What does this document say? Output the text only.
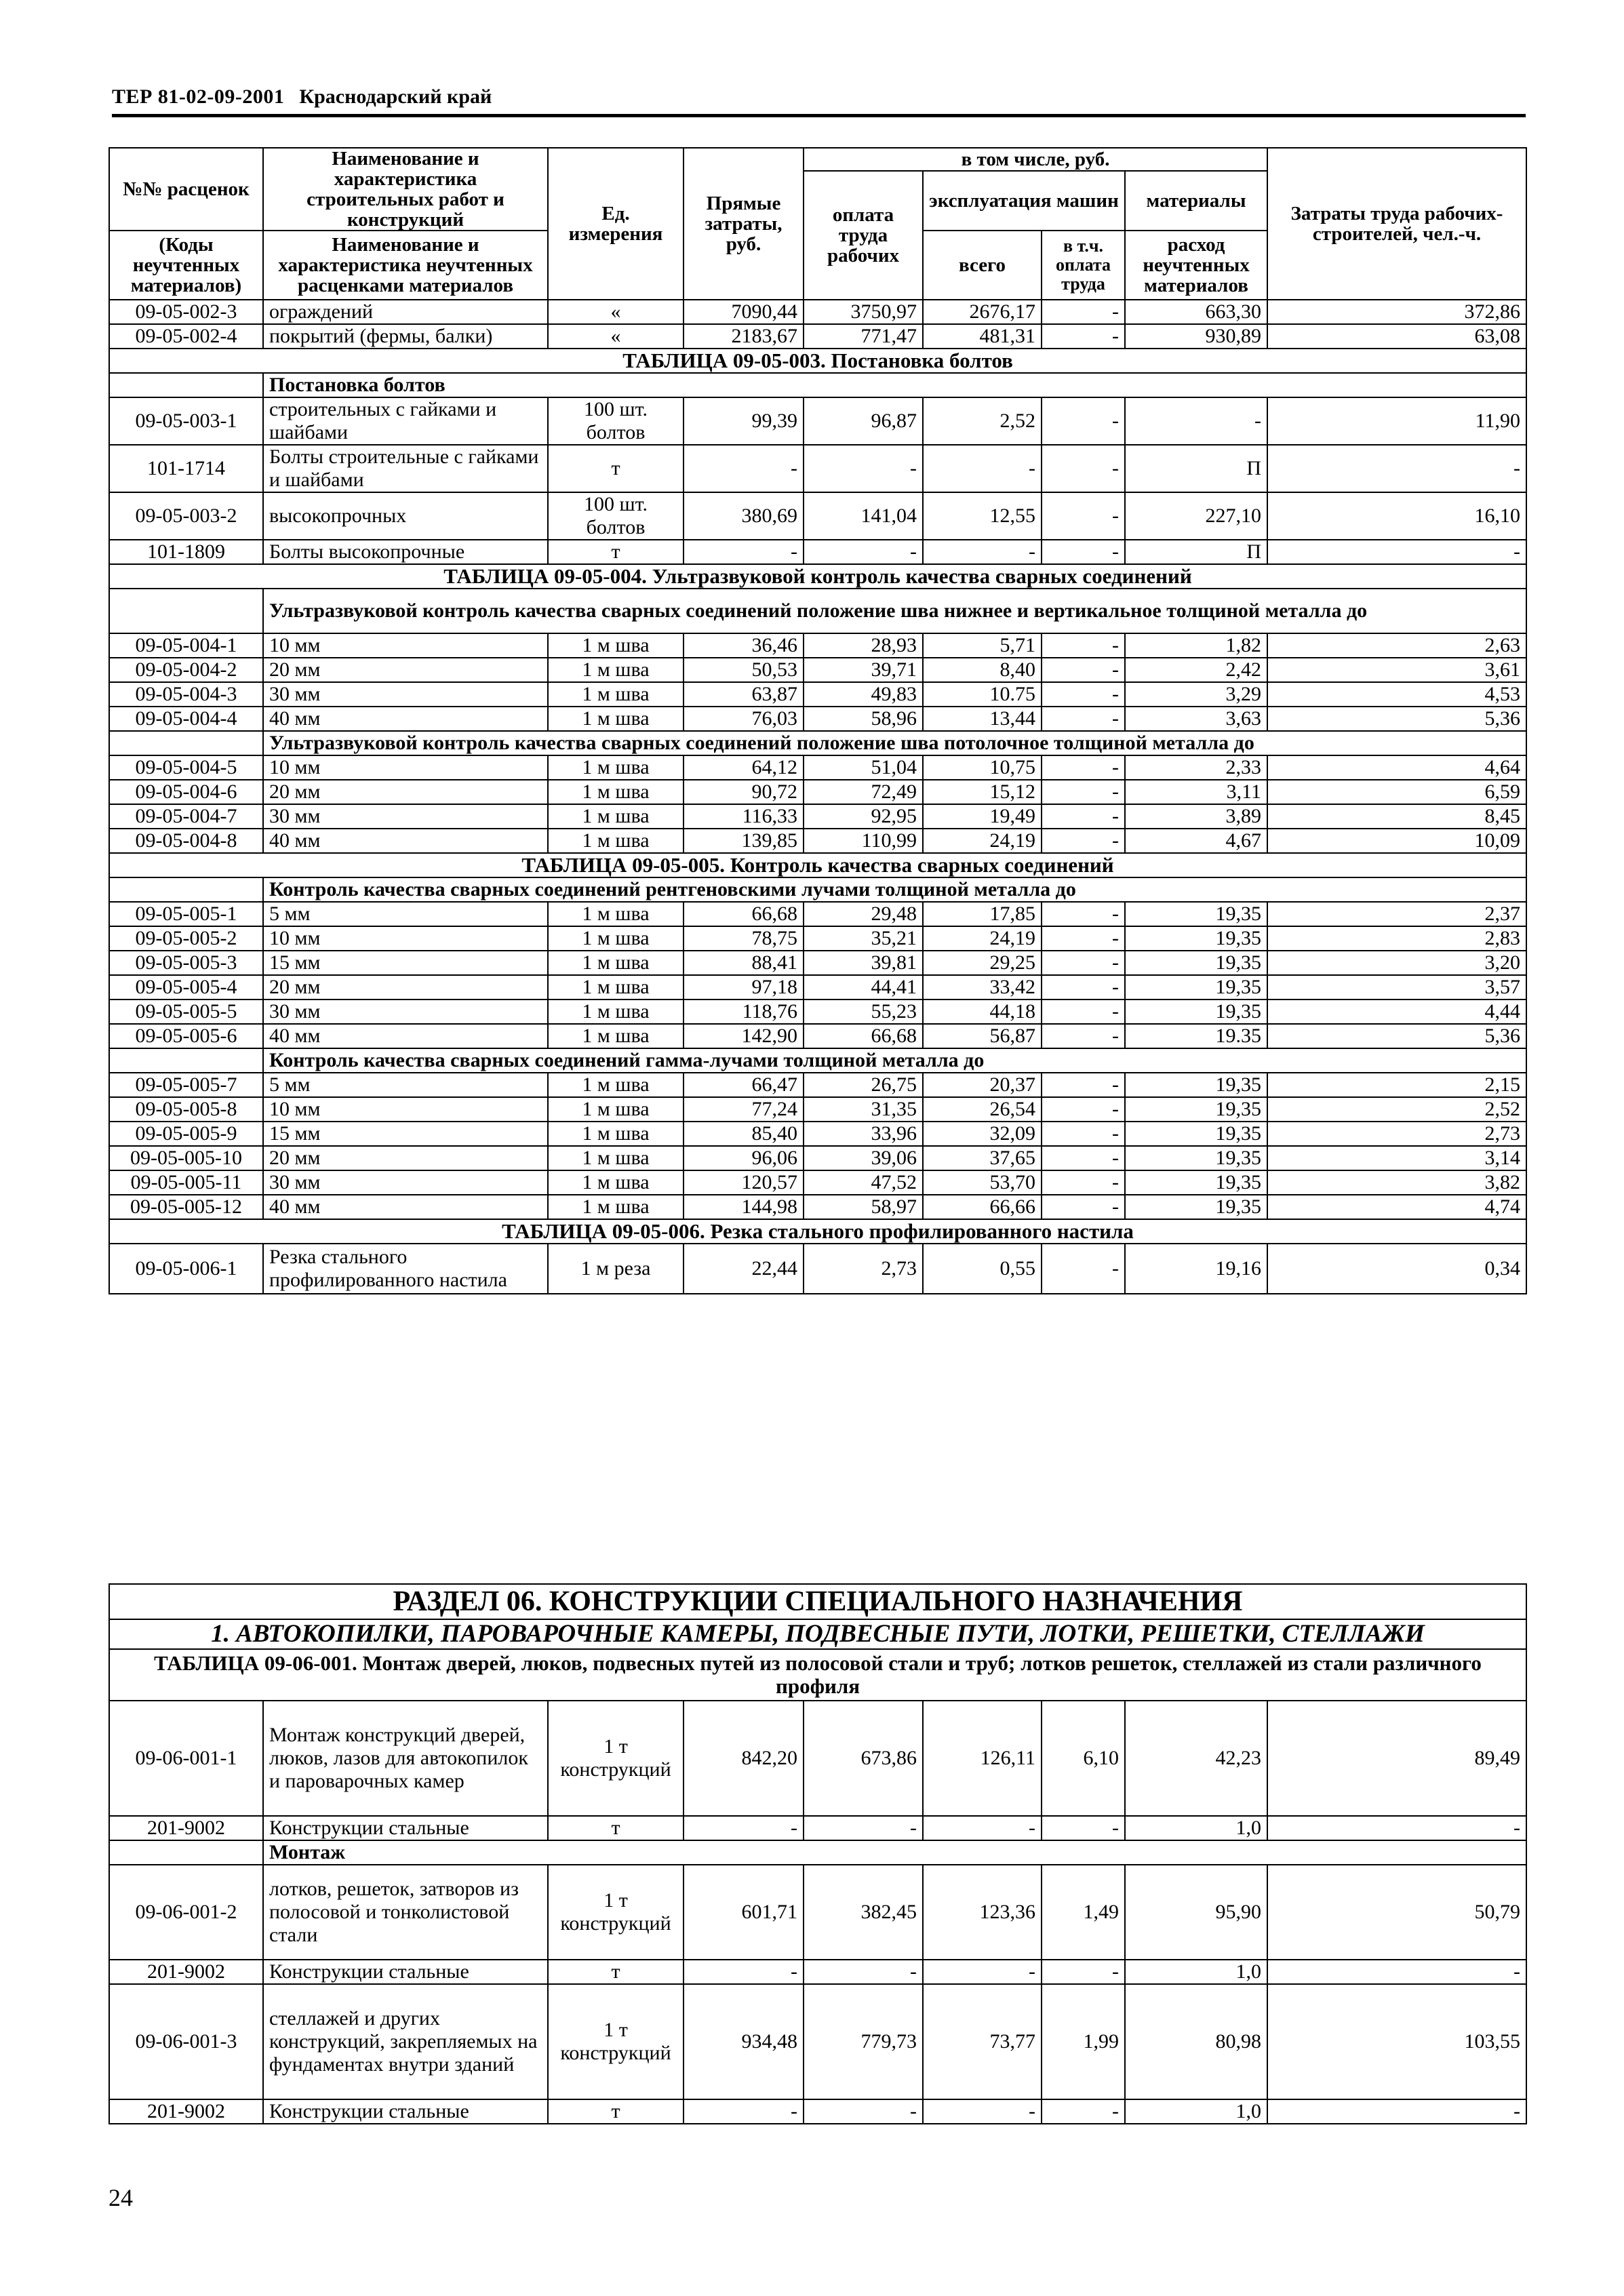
ТЕР 81-02-09-2001 Краснодарский край
№№ расценок	Наименование и характеристика строительных работ и конструкций	Ед. измерения	Прямые затраты, руб.	в том числе, руб.				Затраты труда рабочих-строителей, чел.-ч.
				оплата труда рабочих	эксплуатация машин		материалы	

(Коды неучтенных материалов)	Наименование и характеристика неучтенных расценками материалов				всего	в т.ч. оплата труда	расход неучтенных материалов	

09-05-002-3	ограждений	«	7090,44	3750,97	2676,17	-	663,30	372,86
09-05-002-4	покрытий (фермы, балки)	«	2183,67	771,47	481,31	-	930,89	63,08
ТАБЛИЦА 09-05-003. Постановка болтов								
	Постановка болтов							
09-05-003-1	строительных с гайками и шайбами	100 шт. болтов	99,39	96,87	2,52	-	-	11,90
101-1714	Болты строительные с гайками и шайбами	т	-	-	-	-	П	-
09-05-003-2	высокопрочных	100 шт. болтов	380,69	141,04	12,55	-	227,10	16,10
101-1809	Болты высокопрочные	т	-	-	-	-	П	-
ТАБЛИЦА 09-05-004. Ультразвуковой контроль качества сварных соединений								
	Ультразвуковой контроль качества сварных соединений положение шва нижнее и вертикальное толщиной металла до							
09-05-004-1	10 мм	1 м шва	36,46	28,93	5,71	-	1,82	2,63
09-05-004-2	20 мм	1 м шва	50,53	39,71	8,40	-	2,42	3,61
09-05-004-3	30 мм	1 м шва	63,87	49,83	10.75	-	3,29	4,53
09-05-004-4	40 мм	1 м шва	76,03	58,96	13,44	-	3,63	5,36
	Ультразвуковой контроль качества сварных соединений положение шва потолочное толщиной металла до							
09-05-004-5	10 мм	1 м шва	64,12	51,04	10,75	-	2,33	4,64
09-05-004-6	20 мм	1 м шва	90,72	72,49	15,12	-	3,11	6,59
09-05-004-7	30 мм	1 м шва	116,33	92,95	19,49	-	3,89	8,45
09-05-004-8	40 мм	1 м шва	139,85	110,99	24,19	-	4,67	10,09
ТАБЛИЦА 09-05-005. Контроль качества сварных соединений								
	Контроль качества сварных соединений рентгеновскими лучами толщиной металла до							
09-05-005-1	5 мм	1 м шва	66,68	29,48	17,85	-	19,35	2,37
09-05-005-2	10 мм	1 м шва	78,75	35,21	24,19	-	19,35	2,83
09-05-005-3	15 мм	1 м шва	88,41	39,81	29,25	-	19,35	3,20
09-05-005-4	20 мм	1 м шва	97,18	44,41	33,42	-	19,35	3,57
09-05-005-5	30 мм	1 м шва	118,76	55,23	44,18	-	19,35	4,44
09-05-005-6	40 мм	1 м шва	142,90	66,68	56,87	-	19.35	5,36
	Контроль качества сварных соединений гамма-лучами толщиной металла до							
09-05-005-7	5 мм	1 м шва	66,47	26,75	20,37	-	19,35	2,15
09-05-005-8	10 мм	1 м шва	77,24	31,35	26,54	-	19,35	2,52
09-05-005-9	15 мм	1 м шва	85,40	33,96	32,09	-	19,35	2,73
09-05-005-10	20 мм	1 м шва	96,06	39,06	37,65	-	19,35	3,14
09-05-005-11	30 мм	1 м шва	120,57	47,52	53,70	-	19,35	3,82
09-05-005-12	40 мм	1 м шва	144,98	58,97	66,66	-	19,35	4,74
ТАБЛИЦА 09-05-006. Резка стального профилированного настила								
09-05-006-1	Резка стального профилированного настила	1 м реза	22,44	2,73	0,55	-	19,16	0,34
РАЗДЕЛ 06. КОНСТРУКЦИИ СПЕЦИАЛЬНОГО НАЗНАЧЕНИЯ								
1. АВТОКОПИЛКИ, ПАРОВАРОЧНЫЕ КАМЕРЫ, ПОДВЕСНЫЕ ПУТИ, ЛОТКИ, РЕШЕТКИ, СТЕЛЛАЖИ								
ТАБЛИЦА 09-06-001. Монтаж дверей, люков, подвесных путей из полосовой стали и труб; лотков решеток, стеллажей из стали различного профиля								
09-06-001-1	Монтаж конструкций дверей, люков, лазов для автокопилок и пароварочных камер	1 т конструкций	842,20	673,86	126,11	6,10	42,23	89,49
201-9002	Конструкции стальные	т	-	-	-	-	1,0	-
	Монтаж							
09-06-001-2	лотков, решеток, затворов из полосовой и тонколистовой стали	1 т конструкций	601,71	382,45	123,36	1,49	95,90	50,79
201-9002	Конструкции стальные	т	-	-	-	-	1,0	-
09-06-001-3	стеллажей и других конструкций, закрепляемых на фундаментах внутри зданий	1 т конструкций	934,48	779,73	73,77	1,99	80,98	103,55
201-9002	Конструкции стальные	т	-	-	-	-	1,0	-
24
